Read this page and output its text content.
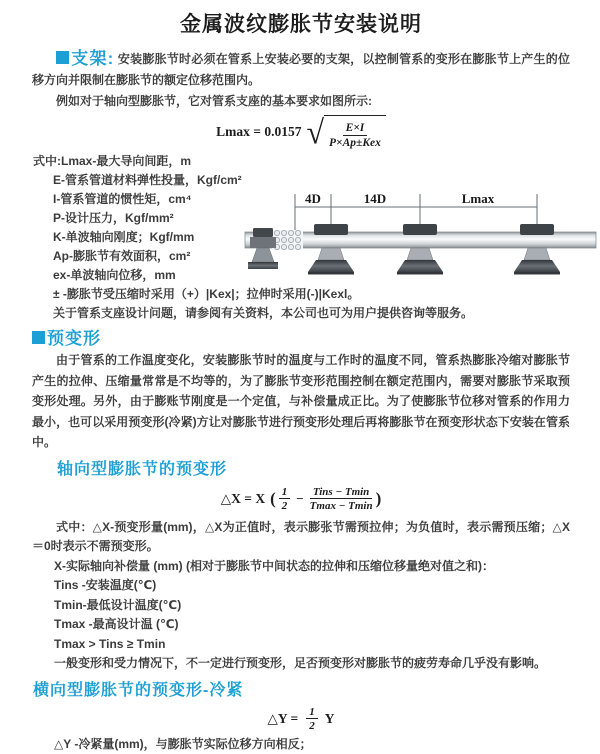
金属波纹膨胀节安装说明

支架: 安装膨胀节时必须在管系上安装必要的支架，以控制管系的变形在膨胀节上产生的位移方向并限制在膨胀节的额定位移范围内。

例如对于轴向型膨胀节，它对管系支座的基本要求如图所示:

Lmax = 0.0157 √ $\frac{E\times I}{\text{P×Ap±Kex}}$
式中:Lmax-最大导向间距，m
E-管系管道材料弹性投量，Kgf/cm²
I-管系管道的惯性矩，cm⁴
P-设计压力，Kgf/mm²
K-单波轴向刚度；Kgf/mm
Ap-膨胀节有效面积，cm²
ex-单波轴向位移，mm
± -膨胀节受压缩时采用（+）|Kex|；拉伸时采用(-)|Kexl。
关于管系支座设计问题，请参阅有关资料，本公司也可为用户提供咨询等服务。

预变形

由于管系的工作温度变化，安装膨胀节时的温度与工作时的温度不同，管系热膨胀冷缩对膨胀节产生的拉伸、压缩量常常是不均等的，为了膨胀节变形范围控制在额定范围内，需要对膨胀节采取预变形处理。另外，由于膨账节刚度是一个定值，与补偿量成正比。为了使膨胀节位移对管系的作用力最小，也可以采用预变形(冷紧)方让对膨胀节进行预变形处理后再将膨胀节在预变形状态下安装在管系中。

轴向型膨胀节的预变形
△X = X ( $\frac{1}{2} - \frac{\text{Tins − Tmin}}{Tmax - Tmin}$ )

式中：△X-预变形量(mm)，△X为正值时，表示膨张节需预拉伸；为负值时，表示需预压缩；△X＝0时表示不需预变形。

X-实际轴向补偿量 (mm) (相对于膨胀节中间状态的拉伸和压缩位移量绝对值之和)：
Tins -安装温度(℃)
Tmin-最低设计温度(℃)
Tmax -最高设计温 (℃)
Tmax > Tins ≥ Tmin
一般变形和受力情况下，不一定进行预变形，足否预变形对膨胀节的疲劳寿命几乎没有影响。
横向型膨胀节的预变形-冷紧
△Y = $\frac{1}{2}$ Y
△Y -冷紧量(mm)，与膨胀节实际位移方向相反；
4D	14D	Lmax
